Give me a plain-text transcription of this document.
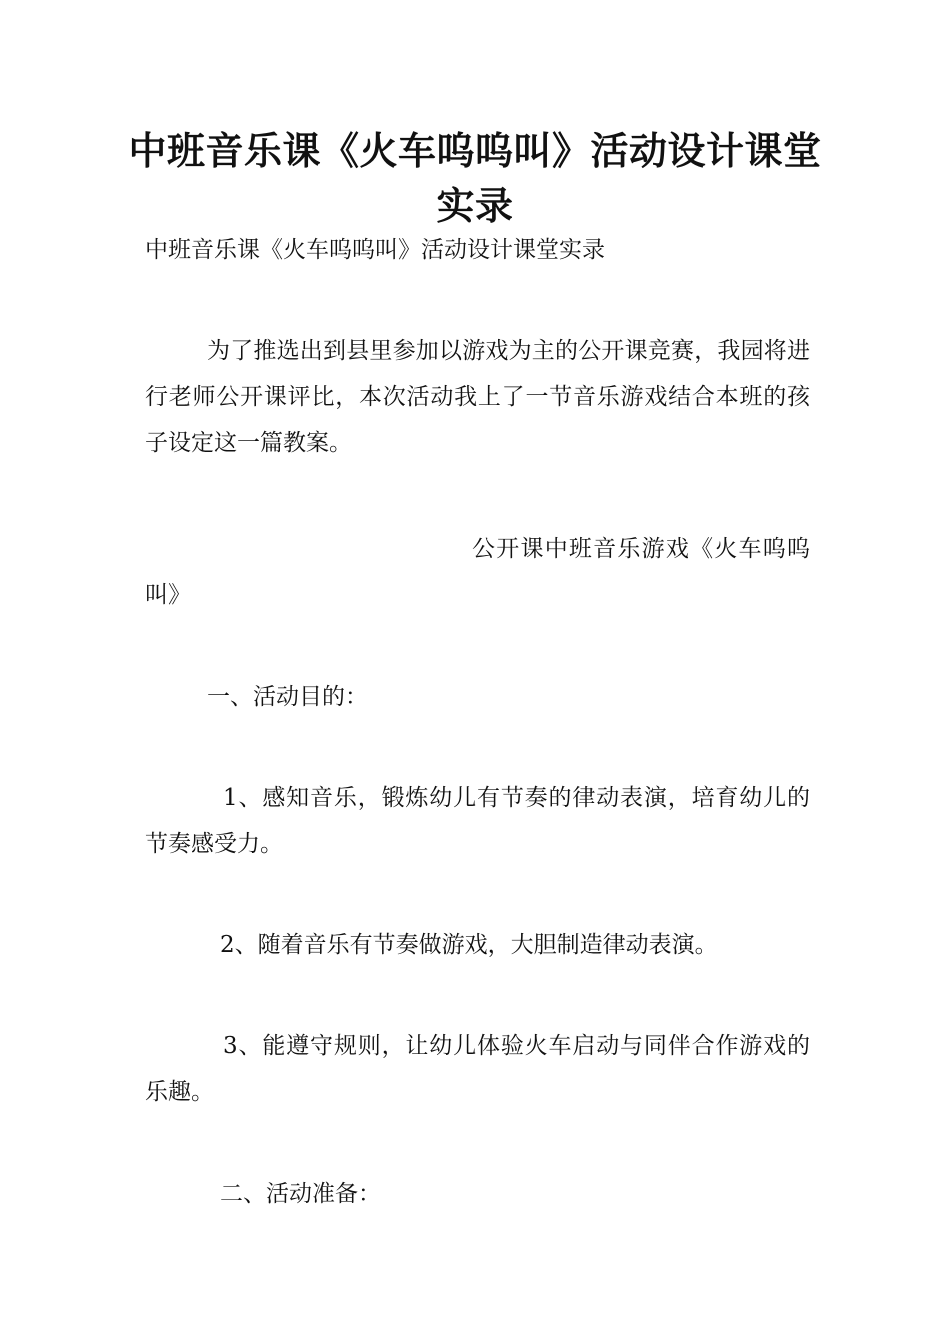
中班音乐课《火车呜呜叫》活动设计课堂实录

中班音乐课《火车呜呜叫》活动设计课堂实录

为了推选出到县里参加以游戏为主的公开课竞赛，我园将进行老师公开课评比，本次活动我上了一节音乐游戏结合本班的孩子设定这一篇教案。

公开课中班音乐游戏《火车呜呜叫》

一、活动目的：

1、感知音乐，锻炼幼儿有节奏的律动表演，培育幼儿的节奏感受力。

2、随着音乐有节奏做游戏，大胆制造律动表演。

3、能遵守规则，让幼儿体验火车启动与同伴合作游戏的乐趣。

二、活动准备：
